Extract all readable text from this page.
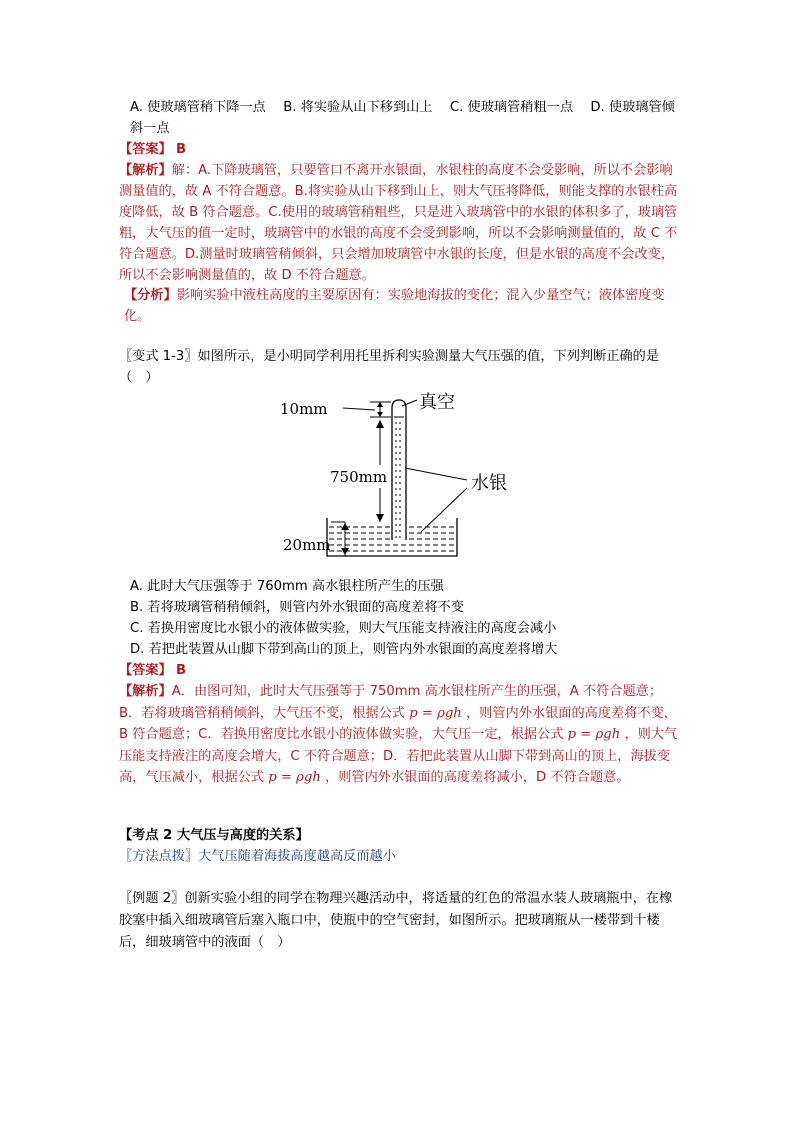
A. 使玻璃管稍下降一点　 B. 将实验从山下移到山上　 C. 使玻璃管稍粗一点　 D. 使玻璃管倾斜一点

【答案】 B

【解析】解：A.下降玻璃管，只要管口不离开水银面，水银柱的高度不会受影响，所以不会影响测量值的，故 A 不符合题意。B.将实验从山下移到山上，则大气压将降低，则能支撑的水银柱高度降低，故 B 符合题意。C.使用的玻璃管稍粗些，只是进入玻璃管中的水银的体积多了，玻璃管粗，大气压的值一定时，玻璃管中的水银的高度不会受到影响，所以不会影响测量值的，故 C 不符合题意。D.测量时玻璃管稍倾斜，只会增加玻璃管中水银的长度，但是水银的高度不会改变，所以不会影响测量值的，故 D 不符合题意。

【分析】影响实验中液柱高度的主要原因有：实验地海拔的变化；混入少量空气；液体密度变化。

〖变式 1-3〗如图所示，是小明同学利用托里拆利实验测量大气压强的值，下列判断正确的是（　）

10mm
750mm
20mm
真空
水银

A. 此时大气压强等于 760mm 高水银柱所产生的压强

B. 若将玻璃管稍稍倾斜，则管内外水银面的高度差将不变

C. 若换用密度比水银小的液体做实验，则大气压能支持液注的高度会减小

D. 若把此装置从山脚下带到高山的顶上，则管内外水银面的高度差将增大

【答案】 B

【解析】A．由图可知，此时大气压强等于 750mm 高水银柱所产生的压强，A 不符合题意；　B．若将玻璃管稍稍倾斜，大气压不变，根据公式 p = ρgh ，则管内外水银面的高度差将不变，B 符合题意；C．若换用密度比水银小的液体做实验，大气压一定，根据公式 p = ρgh ，则大气压能支持液注的高度会增大，C 不符合题意；D．若把此装置从山脚下带到高山的顶上，海拔变高，气压减小，根据公式 p = ρgh ，则管内外水银面的高度差将减小，D 不符合题意。

【考点 2 大气压与高度的关系】

〖方法点拨〗大气压随着海拔高度越高反而越小

〖例题 2〗创新实验小组的同学在物理兴趣活动中，将适量的红色的常温水装人玻璃瓶中，在橡胶塞中插入细玻璃管后塞入瓶口中，使瓶中的空气密封，如图所示。把玻璃瓶从一楼带到十楼后，细玻璃管中的液面（　）
